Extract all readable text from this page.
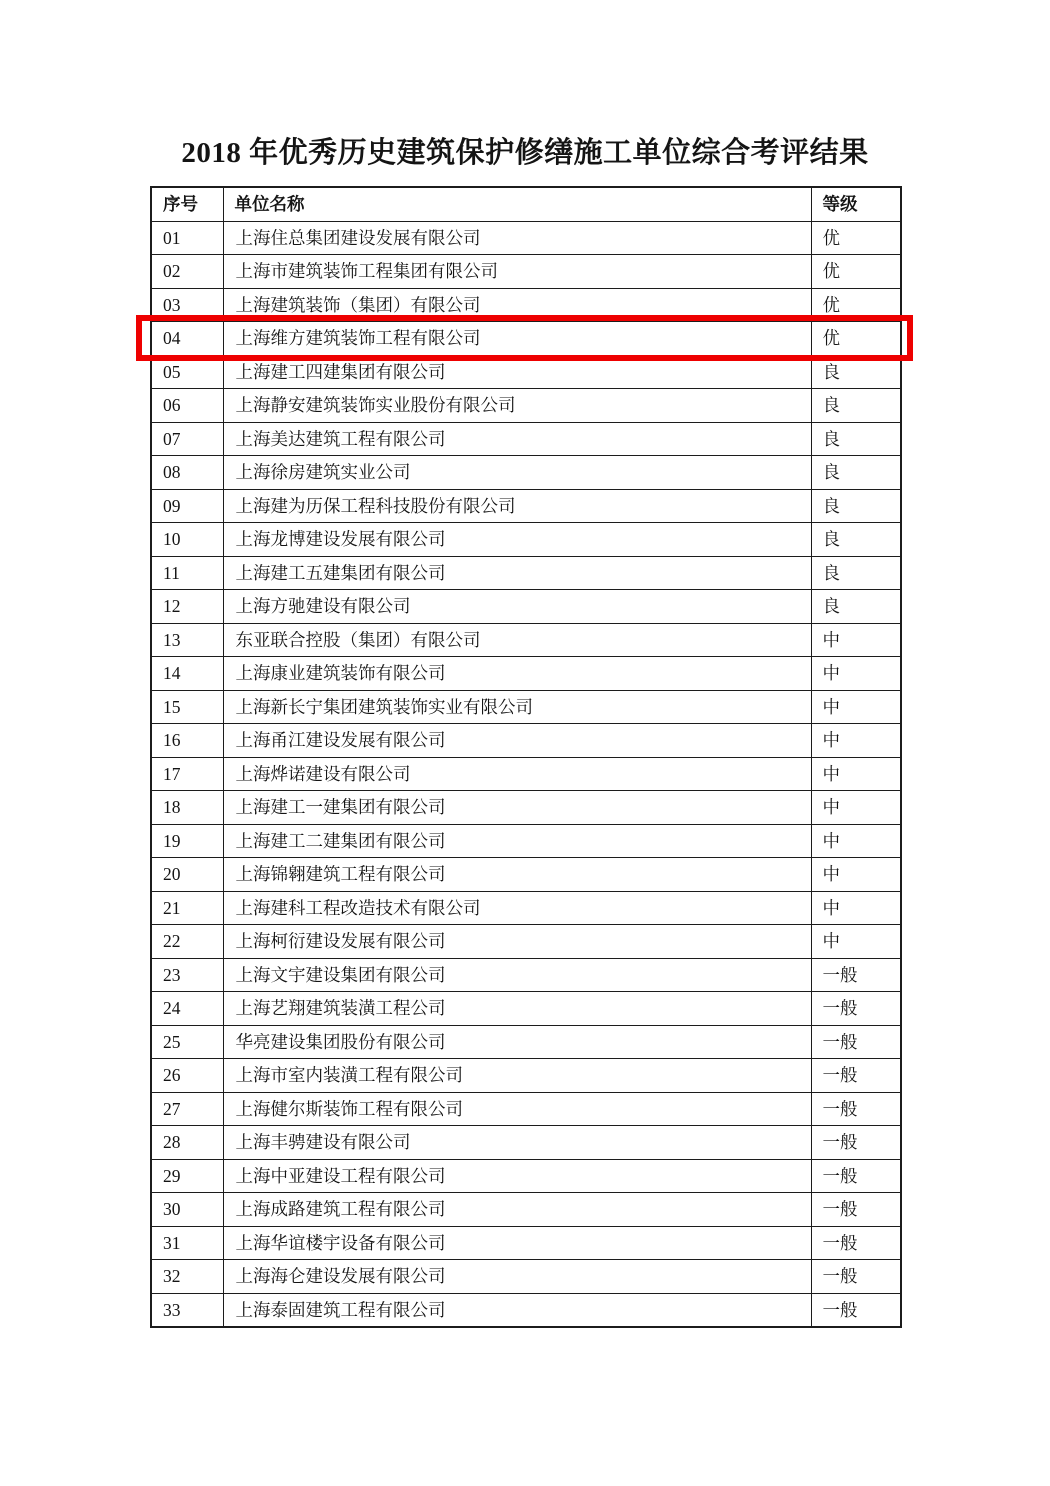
2018 年优秀历史建筑保护修缮施工单位综合考评结果
序号	单位名称	等级
01	上海住总集团建设发展有限公司	优
02	上海市建筑装饰工程集团有限公司	优
03	上海建筑装饰（集团）有限公司	优
04	上海维方建筑装饰工程有限公司	优
05	上海建工四建集团有限公司	良
06	上海静安建筑装饰实业股份有限公司	良
07	上海美达建筑工程有限公司	良
08	上海徐房建筑实业公司	良
09	上海建为历保工程科技股份有限公司	良
10	上海龙博建设发展有限公司	良
11	上海建工五建集团有限公司	良
12	上海方驰建设有限公司	良
13	东亚联合控股（集团）有限公司	中
14	上海康业建筑装饰有限公司	中
15	上海新长宁集团建筑装饰实业有限公司	中
16	上海甬江建设发展有限公司	中
17	上海烨诺建设有限公司	中
18	上海建工一建集团有限公司	中
19	上海建工二建集团有限公司	中
20	上海锦翱建筑工程有限公司	中
21	上海建科工程改造技术有限公司	中
22	上海柯衍建设发展有限公司	中
23	上海文宇建设集团有限公司	一般
24	上海艺翔建筑装潢工程公司	一般
25	华亮建设集团股份有限公司	一般
26	上海市室内装潢工程有限公司	一般
27	上海健尔斯装饰工程有限公司	一般
28	上海丰骋建设有限公司	一般
29	上海中亚建设工程有限公司	一般
30	上海成路建筑工程有限公司	一般
31	上海华谊楼宇设备有限公司	一般
32	上海海仑建设发展有限公司	一般
33	上海泰固建筑工程有限公司	一般
